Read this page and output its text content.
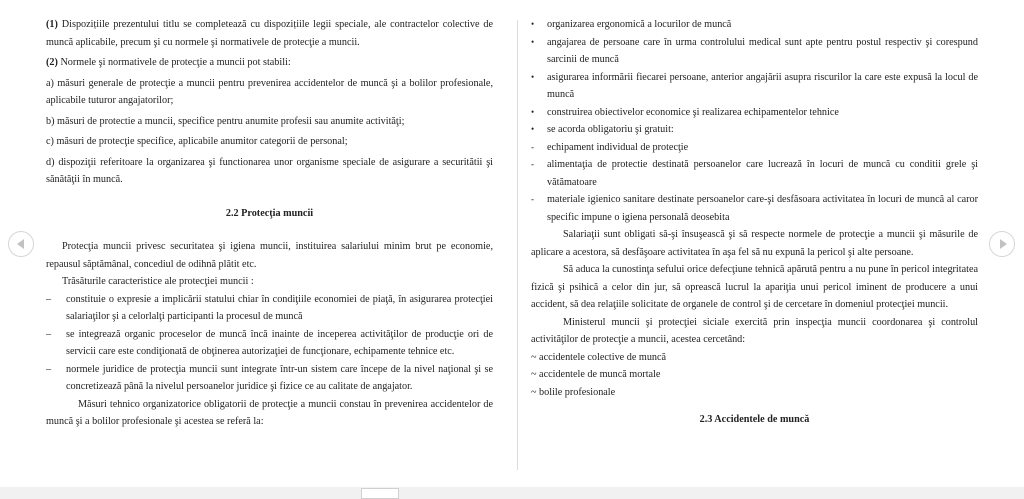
(1) Dispozițiile prezentului titlu se completează cu dispozițiile legii speciale, ale contractelor colective de muncă aplicabile, precum şi cu normele şi normativele de protecţie a muncii.

(2) Normele şi normativele de protecţie a muncii pot stabili:

a) măsuri generale de protecţie a muncii pentru prevenirea accidentelor de muncă şi a bolilor profesionale, aplicabile tuturor angajatorilor;

b) măsuri de protectie a muncii, specifice pentru anumite profesii sau anumite activităţi;

c) măsuri de protecţie specifice, aplicabile anumitor categorii de personal;

d) dispoziţii referitoare la organizarea şi functionarea unor organisme speciale de asigurare a securitătii şi sănătăţii în muncă.

2.2 Protecţia muncii

Protecţia muncii privesc securitatea şi igiena muncii, instituirea salariului minim brut pe economie, repausul săptămânal, concediul de odihnă plătit etc.

Trăsăturile caracteristice ale protecţiei muncii :

– constituie o expresie a implicării statului chiar în condiţiile economiei de piaţă, în asigurarea protecţiei salariaţilor şi a celorlalţi participanti la procesul de muncă

– se integrează organic proceselor de muncă încă inainte de inceperea activităţilor de producţie ori de servicii care este condiţionată de obţinerea autorizaţiei de funcţionare, echipamente tehnice etc.

– normele juridice de protecţia muncii sunt integrate într-un sistem care începe de la nivel naţional şi se concretizează până la nivelul persoanelor juridice şi fizice ce au calitate de angajator.

Măsuri tehnico organizatorice obligatorii de protecţie a muncii constau în prevenirea accidentelor de muncă şi a bolilor profesionale şi acestea se referă la:

• organizarea ergonomică a locurilor de muncă

• angajarea de persoane care în urma controlului medical sunt apte pentru postul respectiv şi corespund sarcinii de muncă

• asigurarea informării fiecarei persoane, anterior angajării asupra riscurilor la care este expusă la locul de muncă

• construirea obiectivelor economice şi realizarea echipamentelor tehnice

• se acorda obligatoriu şi gratuit:

- echipament individual de protecţie

- alimentaţia de protectie destinată persoanelor care lucrează în locuri de muncă cu conditii grele şi vătămatoare

- materiale igienico sanitare destinate persoanelor care-şi desfăsoara activitatea în locuri de muncă al caror specific impune o igiena personală deosebita

Salariaţii sunt obligati să-şi însuşească şi să respecte normele de protecţie a muncii şi măsurile de aplicare a acestora, să desfăşoare activitatea în aşa fel să nu expună la pericol şi alte persoane.

Să aduca la cunostinţa sefului orice defecţiune tehnică apărută pentru a nu pune în pericol integritatea fizică şi psihică a celor din jur, să oprească lucrul la apariţia unui pericol iminent de producere a unui accident, să dea relaţiile solicitate de organele de control şi de cercetare în domeniul protecţiei muncii.

Ministerul muncii şi protecţiei siciale exercită prin inspecţia muncii coordonarea şi controlul activităţilor de protecţie a muncii, acestea cercetând:

~ accidentele colective de muncă

~ accidentele de muncă mortale

~ bolile profesionale

2.3 Accidentele de muncă
